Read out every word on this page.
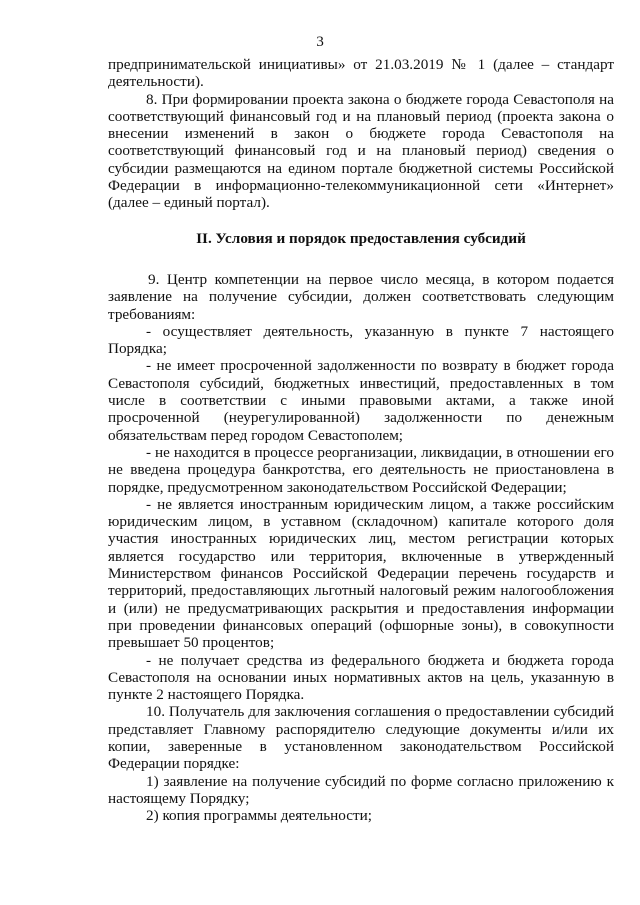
3

предпринимательской инициативы» от 21.03.2019 № 1 (далее – стандарт деятельности).

8. При формировании проекта закона о бюджете города Севастополя на соответствующий финансовый год и на плановый период (проекта закона о внесении изменений в закон о бюджете города Севастополя на соответствующий финансовый год и на плановый период) сведения о субсидии размещаются на едином портале бюджетной системы Российской Федерации в информационно-телекоммуникационной сети «Интернет» (далее – единый портал).

II. Условия и порядок предоставления субсидий

9. Центр компетенции на первое число месяца, в котором подается заявление на получение субсидии, должен соответствовать следующим требованиям:

- осуществляет деятельность, указанную в пункте 7 настоящего Порядка;

- не имеет просроченной задолженности по возврату в бюджет города Севастополя субсидий, бюджетных инвестиций, предоставленных в том числе в соответствии с иными правовыми актами, а также иной просроченной (неурегулированной) задолженности по денежным обязательствам перед городом Севастополем;

- не находится в процессе реорганизации, ликвидации, в отношении его не введена процедура банкротства, его деятельность не приостановлена в порядке, предусмотренном законодательством Российской Федерации;

- не является иностранным юридическим лицом, а также российским юридическим лицом, в уставном (складочном) капитале которого доля участия иностранных юридических лиц, местом регистрации которых является государство или территория, включенные в утвержденный Министерством финансов Российской Федерации перечень государств и территорий, предоставляющих льготный налоговый режим налогообложения и (или) не предусматривающих раскрытия и предоставления информации при проведении финансовых операций (офшорные зоны), в совокупности превышает 50 процентов;

- не получает средства из федерального бюджета и бюджета города Севастополя на основании иных нормативных актов на цель, указанную в пункте 2 настоящего Порядка.

10. Получатель для заключения соглашения о предоставлении субсидий представляет Главному распорядителю следующие документы и/или их копии, заверенные в установленном законодательством Российской Федерации порядке:

1) заявление на получение субсидий по форме согласно приложению к настоящему Порядку;

2) копия программы деятельности;
